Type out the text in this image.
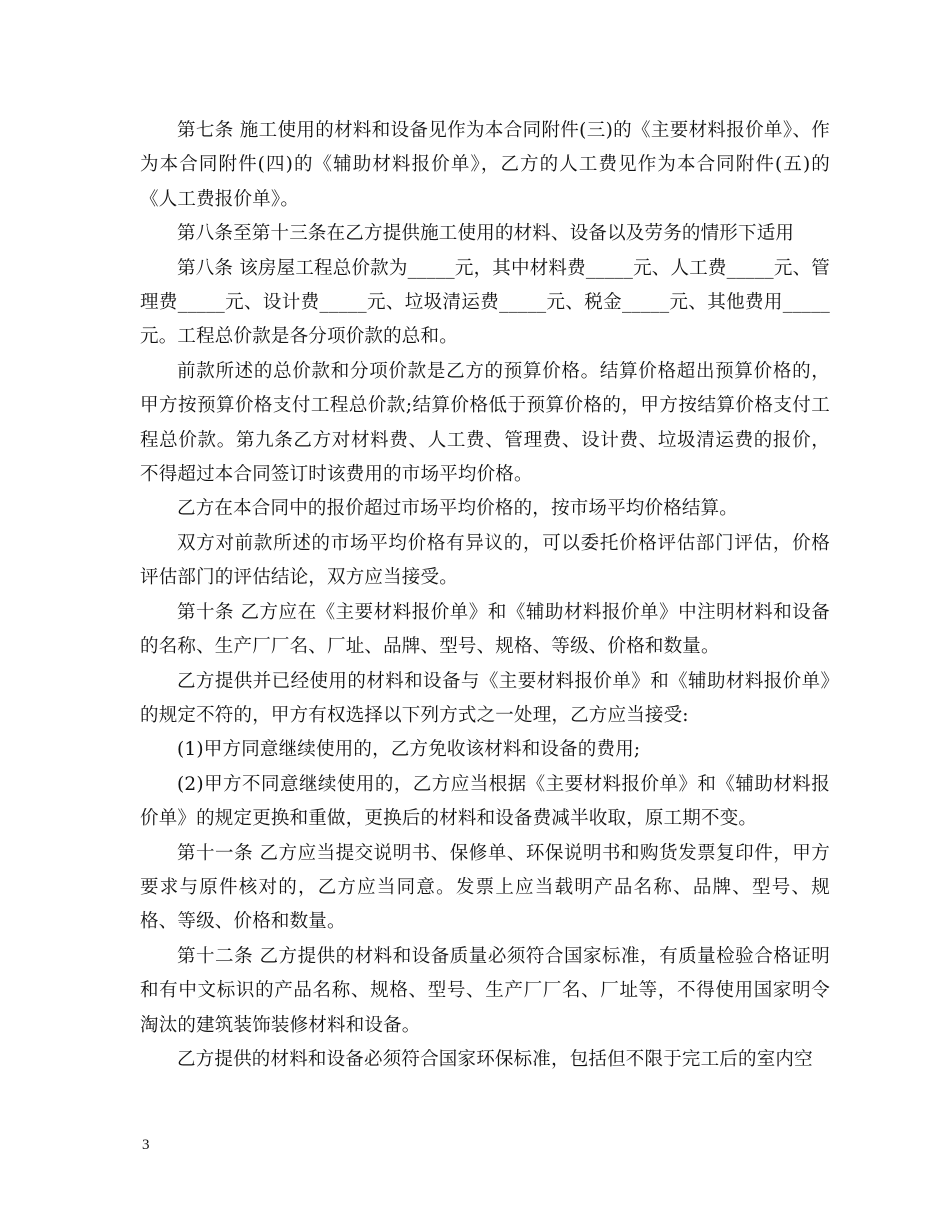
第七条 施工使用的材料和设备见作为本合同附件(三)的《主要材料报价单》、作为本合同附件(四)的《辅助材料报价单》，乙方的人工费见作为本合同附件(五)的《人工费报价单》。

第八条至第十三条在乙方提供施工使用的材料、设备以及劳务的情形下适用

第八条 该房屋工程总价款为_____元，其中材料费_____元、人工费_____元、管理费_____元、设计费_____元、垃圾清运费_____元、税金_____元、其他费用_____元。工程总价款是各分项价款的总和。

前款所述的总价款和分项价款是乙方的预算价格。结算价格超出预算价格的，甲方按预算价格支付工程总价款;结算价格低于预算价格的，甲方按结算价格支付工程总价款。第九条乙方对材料费、人工费、管理费、设计费、垃圾清运费的报价，不得超过本合同签订时该费用的市场平均价格。

乙方在本合同中的报价超过市场平均价格的，按市场平均价格结算。

双方对前款所述的市场平均价格有异议的，可以委托价格评估部门评估，价格评估部门的评估结论，双方应当接受。

第十条 乙方应在《主要材料报价单》和《辅助材料报价单》中注明材料和设备的名称、生产厂厂名、厂址、品牌、型号、规格、等级、价格和数量。

乙方提供并已经使用的材料和设备与《主要材料报价单》和《辅助材料报价单》的规定不符的，甲方有权选择以下列方式之一处理，乙方应当接受:

(1)甲方同意继续使用的，乙方免收该材料和设备的费用;

(2)甲方不同意继续使用的，乙方应当根据《主要材料报价单》和《辅助材料报价单》的规定更换和重做，更换后的材料和设备费减半收取，原工期不变。

第十一条 乙方应当提交说明书、保修单、环保说明书和购货发票复印件，甲方要求与原件核对的，乙方应当同意。发票上应当载明产品名称、品牌、型号、规格、等级、价格和数量。

第十二条 乙方提供的材料和设备质量必须符合国家标准，有质量检验合格证明和有中文标识的产品名称、规格、型号、生产厂厂名、厂址等，不得使用国家明令淘汰的建筑装饰装修材料和设备。

乙方提供的材料和设备必须符合国家环保标准，包括但不限于完工后的室内空

3
